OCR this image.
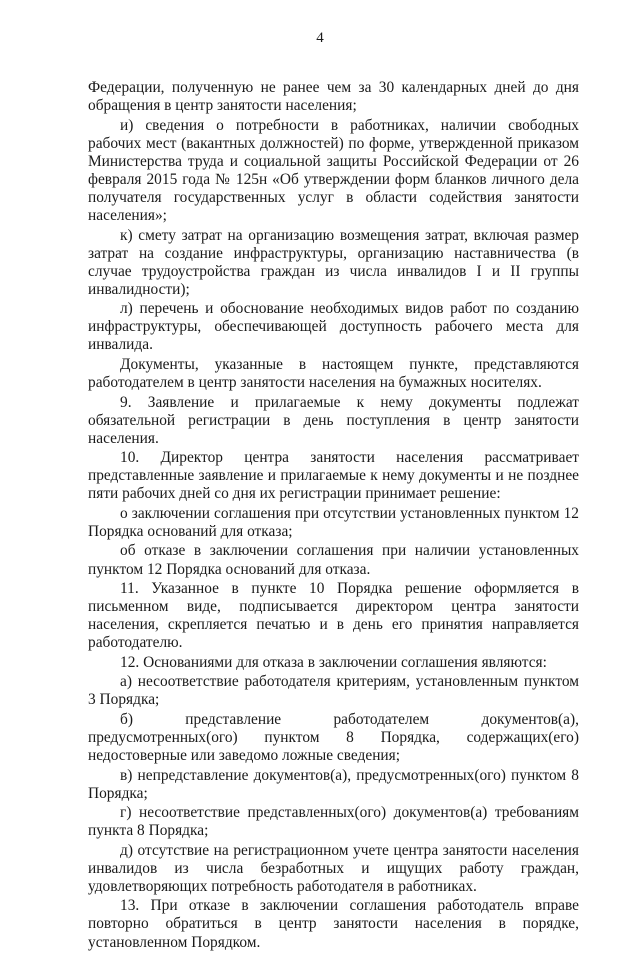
4

Федерации, полученную не ранее чем за 30 календарных дней до дня обращения в центр занятости населения;

и) сведения о потребности в работниках, наличии свободных рабочих мест (вакантных должностей) по форме, утвержденной приказом Министерства труда и социальной защиты Российской Федерации от 26 февраля 2015 года № 125н «Об утверждении форм бланков личного дела получателя государственных услуг в области содействия занятости населения»;

к) смету затрат на организацию возмещения затрат, включая размер затрат на создание инфраструктуры, организацию наставничества (в случае трудоустройства граждан из числа инвалидов I и II группы инвалидности);

л) перечень и обоснование необходимых видов работ по созданию инфраструктуры, обеспечивающей доступность рабочего места для инвалида.

Документы, указанные в настоящем пункте, представляются работодателем в центр занятости населения на бумажных носителях.

9. Заявление и прилагаемые к нему документы подлежат обязательной регистрации в день поступления в центр занятости населения.

10. Директор центра занятости населения рассматривает представленные заявление и прилагаемые к нему документы и не позднее пяти рабочих дней со дня их регистрации принимает решение:

о заключении соглашения при отсутствии установленных пунктом 12 Порядка оснований для отказа;

об отказе в заключении соглашения при наличии установленных пунктом 12 Порядка оснований для отказа.

11. Указанное в пункте 10 Порядка решение оформляется в письменном виде, подписывается директором центра занятости населения, скрепляется печатью и в день его принятия направляется работодателю.

12. Основаниями для отказа в заключении соглашения являются:

а) несоответствие работодателя критериям, установленным пунктом 3 Порядка;

б) представление работодателем документов(а), предусмотренных(ого) пунктом 8 Порядка, содержащих(его) недостоверные или заведомо ложные сведения;

в) непредставление документов(а), предусмотренных(ого) пунктом 8 Порядка;

г) несоответствие представленных(ого) документов(а) требованиям пункта 8 Порядка;

д) отсутствие на регистрационном учете центра занятости населения инвалидов из числа безработных и ищущих работу граждан, удовлетворяющих потребность работодателя в работниках.

13. При отказе в заключении соглашения работодатель вправе повторно обратиться в центр занятости населения в порядке, установленном Порядком.
